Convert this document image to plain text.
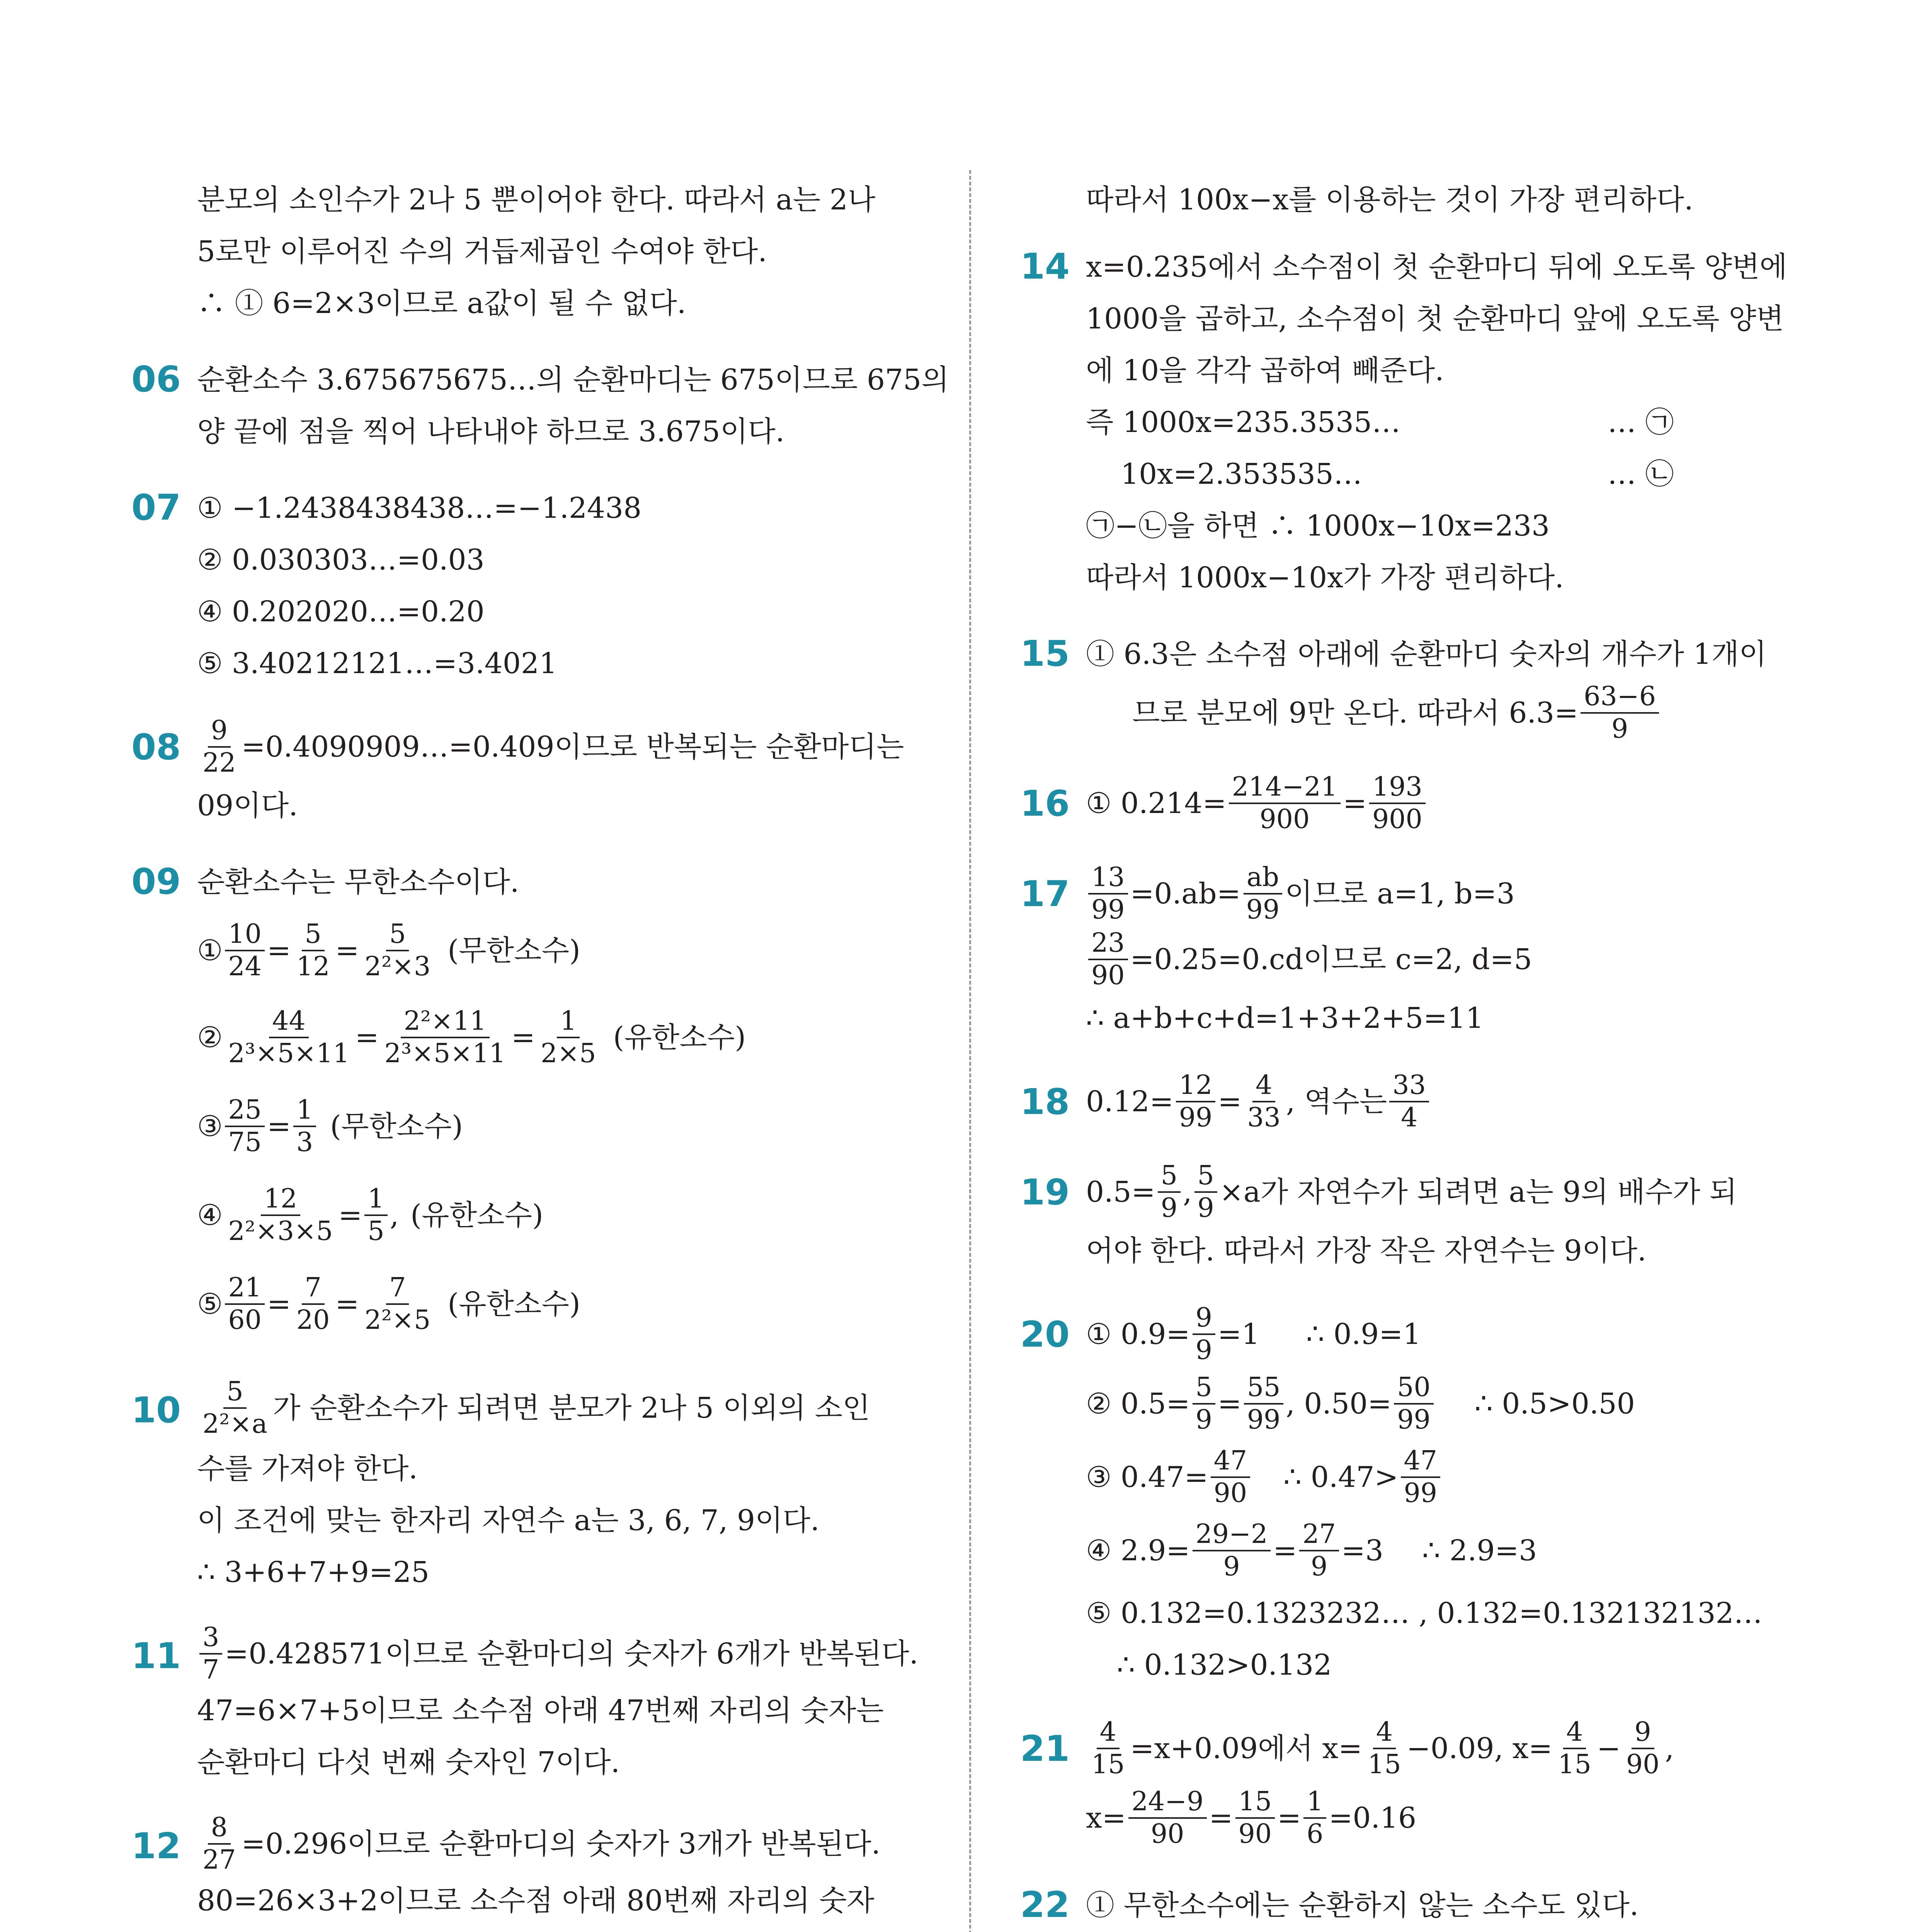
분모의 소인수가 2나 5 뿐이어야 한다. 따라서 a는 2나
5로만 이루어진 수의 거듭제곱인 수여야 한다.
∴ ① 6=2×3이므로 a값이 될 수 없다.
06 순환소수 3.675675675…의 순환마디는 675이므로 675의
양 끝에 점을 찍어 나타내야 하므로 3.675이다.
07 ① −1.2438438438…=−1.2438
② 0.030303…=0.03
④ 0.202020…=0.20
⑤ 3.40212121…=3.4021
$08 \frac{9}{22}$ =0.4090909…=0.409이므로 반복되는 순환마디는
09이다.
09 순환소수는 무한소수이다.
① $\frac{10}{24} = \frac{5}{12} = \frac{5}{\text{2²×3}}$ (무한소수)
② $\frac{44}{\text{2³×5×11}} = \frac{\text{2²×11}}{\text{2³×5×11}} = \frac{1}{2\times 5}$ (유한소수)
③ $\frac{25}{75} = \frac{1}{3}$ (무한소수)
④ $\frac{12}{\text{2²×3×5}} = \frac{1}{5}$ , (유한소수)
⑤ $\frac{21}{60} = \frac{7}{20} = \frac{7}{\text{2²×5}}$ (유한소수)
10 5
2²×a 가 순환소수가 되려면 분모가 2나 5 이외의 소인
수를 가져야 한다.
이 조건에 맞는 한자리 자연수 a는 3, 6, 7, 9이다.
∴ 3+6+7+9=25
$11 \frac{3}{7} =0.428571$이므로 순환마디의 숫자가 6개가 반복된다.
47=6×7+5이므로 소수점 아래 47번째 자리의 숫자는
순환마디 다섯 번째 숫자인 7이다.
$12 \frac{8}{27} =0.296$이므로 순환마디의 숫자가 3개가 반복된다.
80=26×3+2이므로 소수점 아래 80번째 자리의 숫자
따라서 100x−x를 이용하는 것이 가장 편리하다.
14 x=0.235에서 소수점이 첫 순환마디 뒤에 오도록 양변에
1000을 곱하고, 소수점이 첫 순환마디 앞에 오도록 양변
에 10을 각각 곱하여 빼준다.
즉 1000x=235.3535…	… ㉠
10x=2.353535…	… ㉡
㉠−㉡을 하면 ∴ 1000x−10x=233
따라서 1000x−10x가 가장 편리하다.
15 ① 6.3은 소수점 아래에 순환마디 숫자의 개수가 1개이
므로 분모에 9만 온다. 따라서 $6.3= \frac{63-6}{9}$
16 ① $0.214= \frac{214-21}{900} = \frac{193}{900}$
$17 \frac{13}{99} =0.ab= \frac{ab}{99}$ 이므로 a=1, b=3
$\frac{23}{90} =0.25=0.cd$이므로 c=2, d=5
∴ a+b+c+d=1+3+2+5=11
18 $0.12= \frac{12}{99} = \frac{4}{33}$ , 역수는 33
4
19 $0.5= \frac{5}{9}$ , $\frac{5}{9} \times a$가 자연수가 되려면 a는 9의 배수가 되
어야 한다. 따라서 가장 작은 자연수는 9이다.
20 ① $0.9= \frac{9}{9} =1$ ∴ 0.9=1
② $0.5= \frac{5}{9} = \frac{55}{99}$ , $0.50= \frac{50}{99}$ ∴ 0.5>0.50
③ $0.47= \frac{47}{90}$ ∴ 0.47> 47
99
④ $2.9= \frac{29-2}{9} = \frac{27}{9} =3$ ∴ 2.9=3
⑤ 0.132=0.1323232… , 0.132=0.132132132…
∴ 0.132>0.132
$21 \frac{4}{15} =x+0.09$에서 $x= \frac{4}{15} -0.09$, $x= \frac{4}{15} - \frac{9}{90}$ ,
$x= \frac{24-9}{90} = \frac{15}{90} = \frac{1}{6} =0.16$
22 ① 무한소수에는 순환하지 않는 소수도 있다.
